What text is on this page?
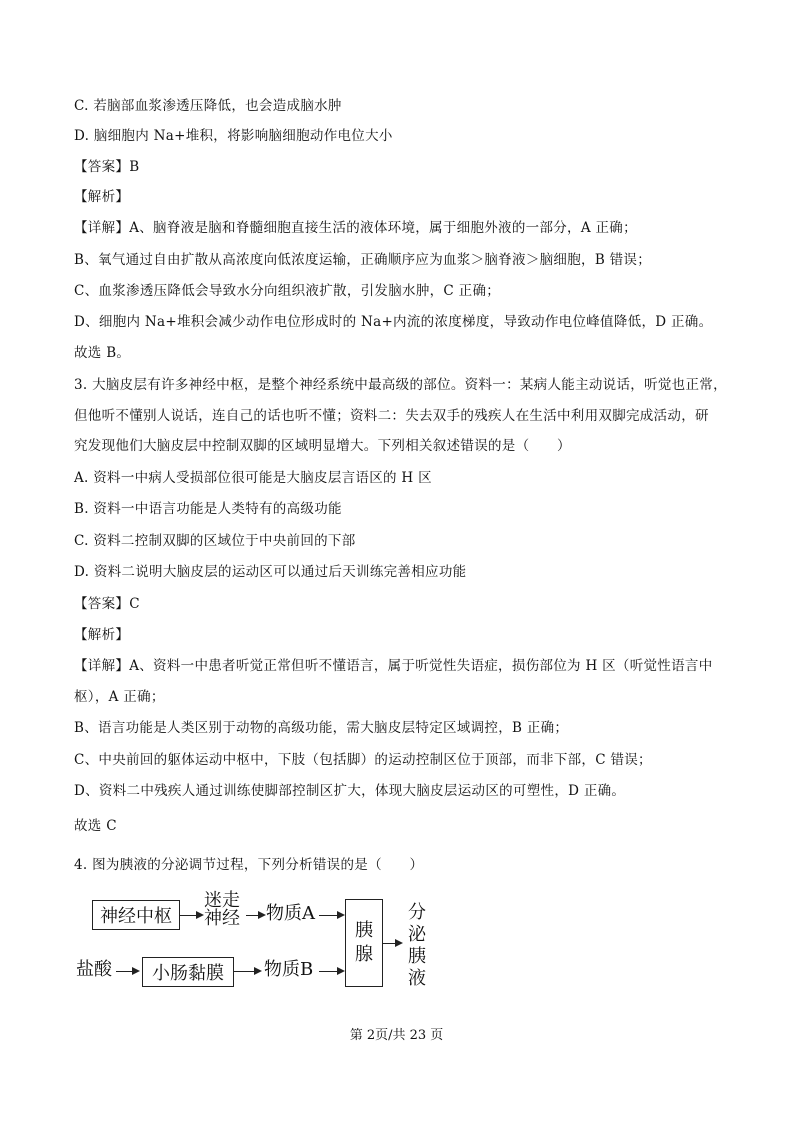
C. 若脑部血浆渗透压降低，也会造成脑水肿
D. 脑细胞内 Na+堆积，将影响脑细胞动作电位大小
【答案】B
【解析】
【详解】A、脑脊液是脑和脊髓细胞直接生活的液体环境，属于细胞外液的一部分，A 正确；
B、氧气通过自由扩散从高浓度向低浓度运输，正确顺序应为血浆＞脑脊液＞脑细胞，B 错误；
C、血浆渗透压降低会导致水分向组织液扩散，引发脑水肿，C 正确；
D、细胞内 Na+堆积会减少动作电位形成时的 Na+内流的浓度梯度，导致动作电位峰值降低，D 正确。
故选 B。
3. 大脑皮层有许多神经中枢，是整个神经系统中最高级的部位。资料一：某病人能主动说话，听觉也正常，
但他听不懂别人说话，连自己的话也听不懂；资料二：失去双手的残疾人在生活中利用双脚完成活动，研
究发现他们大脑皮层中控制双脚的区域明显增大。下列相关叙述错误的是（　　）
A. 资料一中病人受损部位很可能是大脑皮层言语区的 H 区
B. 资料一中语言功能是人类特有的高级功能
C. 资料二控制双脚的区域位于中央前回的下部
D. 资料二说明大脑皮层的运动区可以通过后天训练完善相应功能
【答案】C
【解析】
【详解】A、资料一中患者听觉正常但听不懂语言，属于听觉性失语症，损伤部位为 H 区（听觉性语言中
枢），A 正确；
B、语言功能是人类区别于动物的高级功能，需大脑皮层特定区域调控，B 正确；
C、中央前回的躯体运动中枢中，下肢（包括脚）的运动控制区位于顶部，而非下部，C 错误；
D、资料二中残疾人通过训练使脚部控制区扩大，体现大脑皮层运动区的可塑性，D 正确。
故选 C
4. 图为胰液的分泌调节过程，下列分析错误的是（　　）
神经中枢
迷走神经 物质A
胰腺
分泌胰液
盐酸	小肠黏膜	物质B
第 2页/共 23 页
